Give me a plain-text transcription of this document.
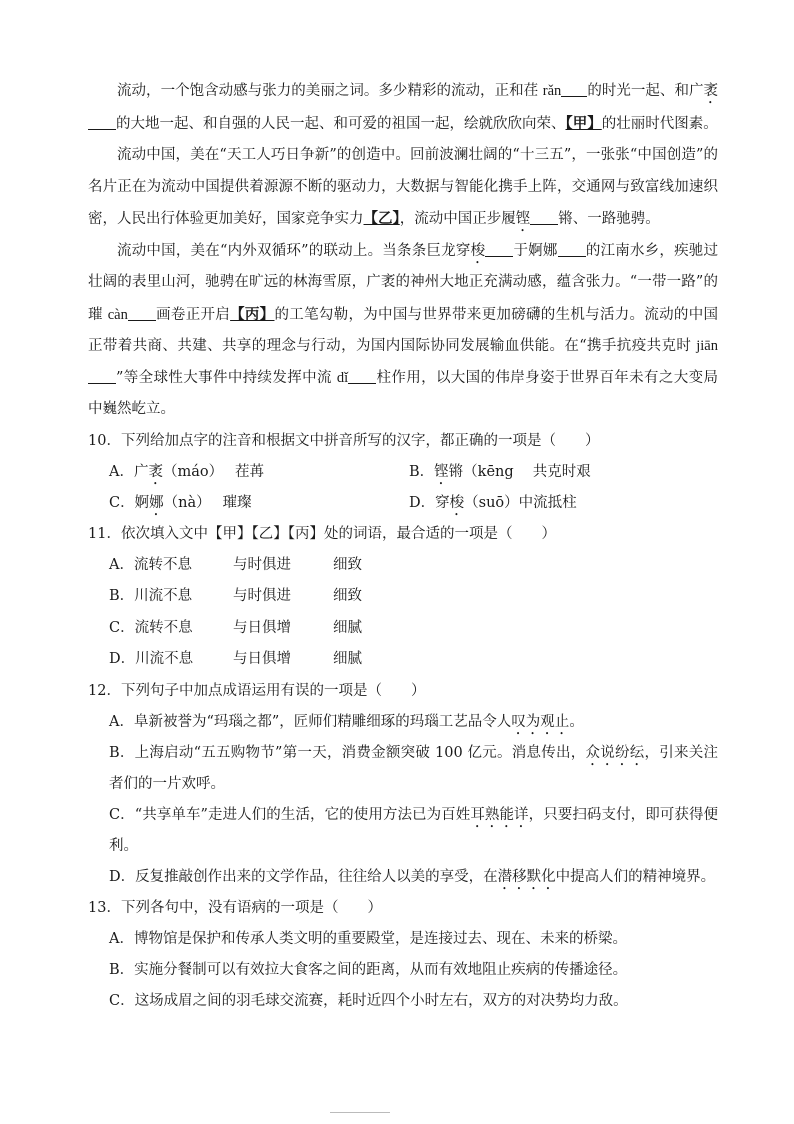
流动，一个饱含动感与张力的美丽之词。多少精彩的流动，正和荏 rǎn 的时光一起、和广袤的大地一起、和自强的人民一起、和可爱的祖国一起，绘就欣欣向荣、【甲】的壮丽时代图素。
流动中国，美在“天工人巧日争新”的创造中。回前波澜壮阔的“十三五”，一张张“中国创造”的名片正在为流动中国提供着源源不断的驱动力，大数据与智能化携手上阵，交通网与致富线加速织密，人民出行体验更加美好，国家竞争实力【乙】，流动中国正步履铿 锵、一路驰骋。
流动中国，美在“内外双循环”的联动上。当条条巨龙穿梭 于婀娜 的江南水乡，疾驰过壮阔的表里山河，驰骋在旷远的林海雪原，广袤的神州大地正充满动感，蕴含张力。“一带一路”的璀 càn 画卷正开启【丙】的工笔勾勒，为中国与世界带来更加磅礴的生机与活力。流动的中国正带着共商、共建、共享的理念与行动，为国内国际协同发展输血供能。在“携手抗疫共克时 jiān”等全球性大事件中持续发挥中流 dǐ 柱作用，以大国的伟岸身姿于世界百年未有之大变局中巍然屹立。
10．下列给加点字的注音和根据文中拼音所写的汉字，都正确的一项是（　　）
A．广袤（máo）　 茬苒	B．铿锵（kēng　 共克时艰
C．婀娜（nà）　 璀璨	D．穿梭（suō）中流抵柱
11．依次填入文中【甲】【乙】【丙】处的词语，最合适的一项是（　　）
A．流转不息	与时俱进	细致
B．川流不息	与时俱进	细致
C．流转不息	与日俱增	细腻
D．川流不息	与日俱增	细腻
12．下列句子中加点成语运用有误的一项是（　　）
A．阜新被誉为“玛瑙之都”，匠师们精雕细琢的玛瑙工艺品令人叹为观止。
B．上海启动“五五购物节”第一天，消费金额突破 100 亿元。消息传出，众说纷纭，引来关注者们的一片欢呼。
C．“共享单车”走进人们的生活，它的使用方法已为百姓耳熟能详，只要扫码支付，即可获得便利。
D．反复推敲创作出来的文学作品，往往给人以美的享受，在潜移默化中提高人们的精神境界。
13．下列各句中，没有语病的一项是（　　）
A．博物馆是保护和传承人类文明的重要殿堂，是连接过去、现在、未来的桥梁。
B．实施分餐制可以有效拉大食客之间的距离，从而有效地阻止疾病的传播途径。
C．这场成眉之间的羽毛球交流赛，耗时近四个小时左右，双方的对决势均力敌。
